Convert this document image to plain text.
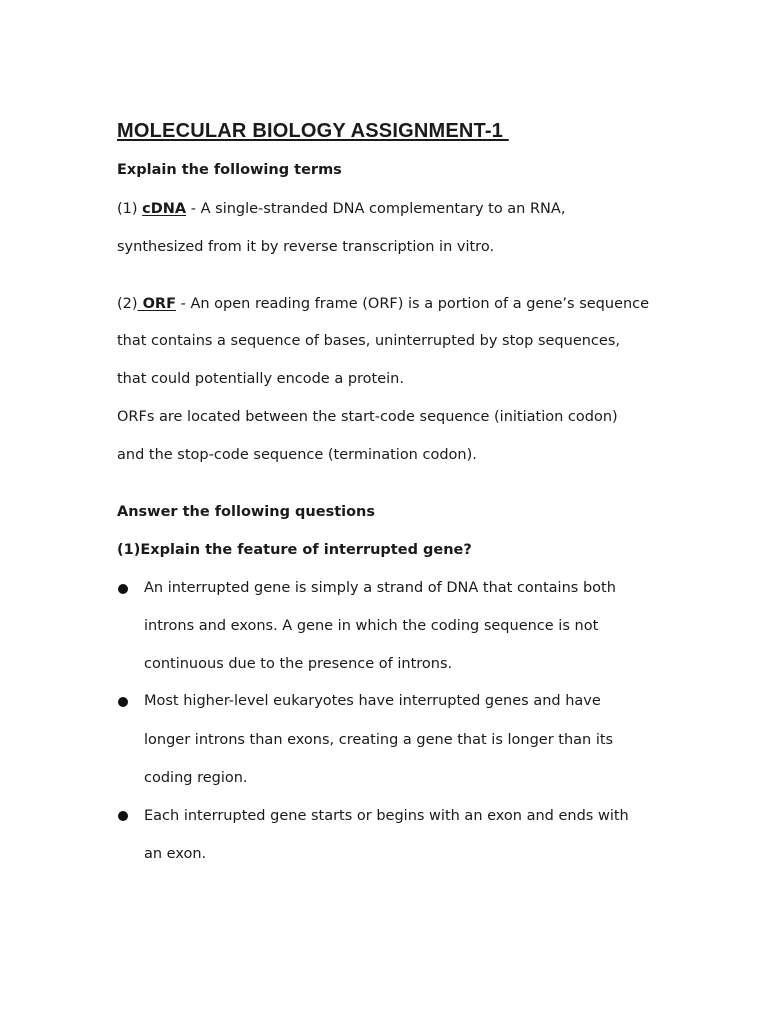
MOLECULAR BIOLOGY ASSIGNMENT-1

Explain the following terms

(1) cDNA - A single-stranded DNA complementary to an RNA,

synthesized from it by reverse transcription in vitro.

(2) ORF - An open reading frame (ORF) is a portion of a gene’s sequence

that contains a sequence of bases, uninterrupted by stop sequences,

that could potentially encode a protein.

ORFs are located between the start-code sequence (initiation codon)

and the stop-code sequence (termination codon).

Answer the following questions

(1)Explain the feature of interrupted gene?

An interrupted gene is simply a strand of DNA that contains both

introns and exons. A gene in which the coding sequence is not

continuous due to the presence of introns.

Most higher-level eukaryotes have interrupted genes and have

longer introns than exons, creating a gene that is longer than its

coding region.

Each interrupted gene starts or begins with an exon and ends with

an exon.
